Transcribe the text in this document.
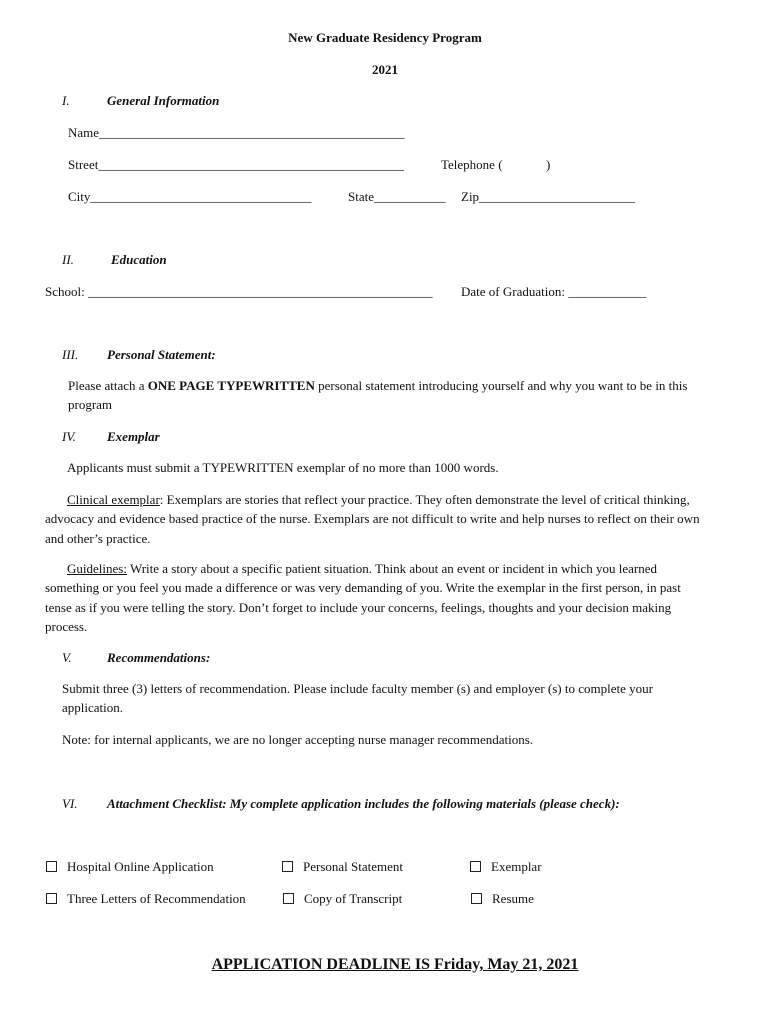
New Graduate Residency Program
2021
I.	General Information
Name_______________________________________________
Street_______________________________________________	Telephone (	)
City__________________________________	State___________ Zip________________________
II.	Education
School: _____________________________________________________ Date of Graduation: ____________
III. Personal Statement:
Please attach a ONE PAGE TYPEWRITTEN personal statement introducing yourself and why you want to be in this program
IV. Exemplar
Applicants must submit a TYPEWRITTEN exemplar of no more than 1000 words.
Clinical exemplar: Exemplars are stories that reflect your practice. They often demonstrate the level of critical thinking, advocacy and evidence based practice of the nurse. Exemplars are not difficult to write and help nurses to reflect on their own and other’s practice.
Guidelines: Write a story about a specific patient situation. Think about an event or incident in which you learned something or you feel you made a difference or was very demanding of you. Write the exemplar in the first person, in past tense as if you were telling the story. Don’t forget to include your concerns, feelings, thoughts and your decision making process.
V.	Recommendations:
Submit three (3) letters of recommendation. Please include faculty member (s) and employer (s) to complete your application.
Note: for internal applicants, we are no longer accepting nurse manager recommendations.
VI. Attachment Checklist: My complete application includes the following materials (please check):
Hospital Online Application	Personal Statement	Exemplar
Three Letters of Recommendation	Copy of Transcript	Resume
APPLICATION DEADLINE IS Friday, May 21, 2021
